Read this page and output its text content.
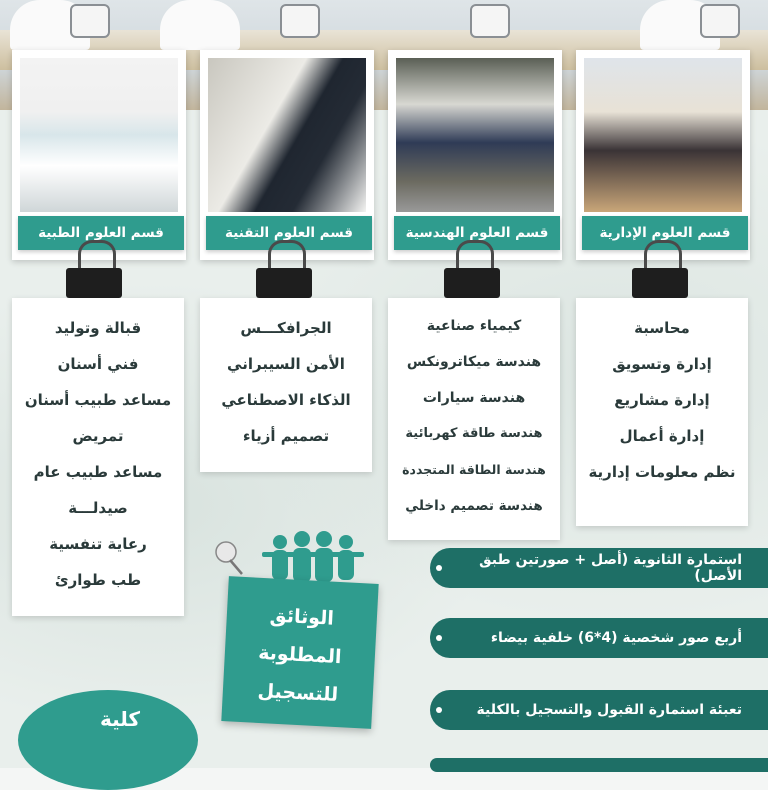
قسم العلوم الإدارية
قسم العلوم الهندسية
قسم العلوم التقنية
قسم العلوم الطبية
محاسبة
إدارة وتسويق
إدارة مشاريع
إدارة أعمال
نظم معلومات إدارية
كيمياء صناعية
هندسة ميكاترونكس
هندسة سيارات
هندسة طاقة كهربائية
هندسة الطاقة المتجددة
هندسة تصميم داخلي
الجرافكـــس
الأمن السيبراني
الذكاء الاصطناعي
تصميم أزياء
قبالة وتوليد
فني أسنان
مساعد طبيب أسنان
تمريض
مساعد طبيب عام
صيدلـــة
رعاية تنفسية
طب طوارئ
الوثائق
المطلوبة
للتسجيل
استمارة الثانوية (أصل + صورتين طبق الأصل)
أربع صور شخصية (4*6) خلفية بيضاء
تعبئة استمارة القبول والتسجيل بالكلية
كلية
